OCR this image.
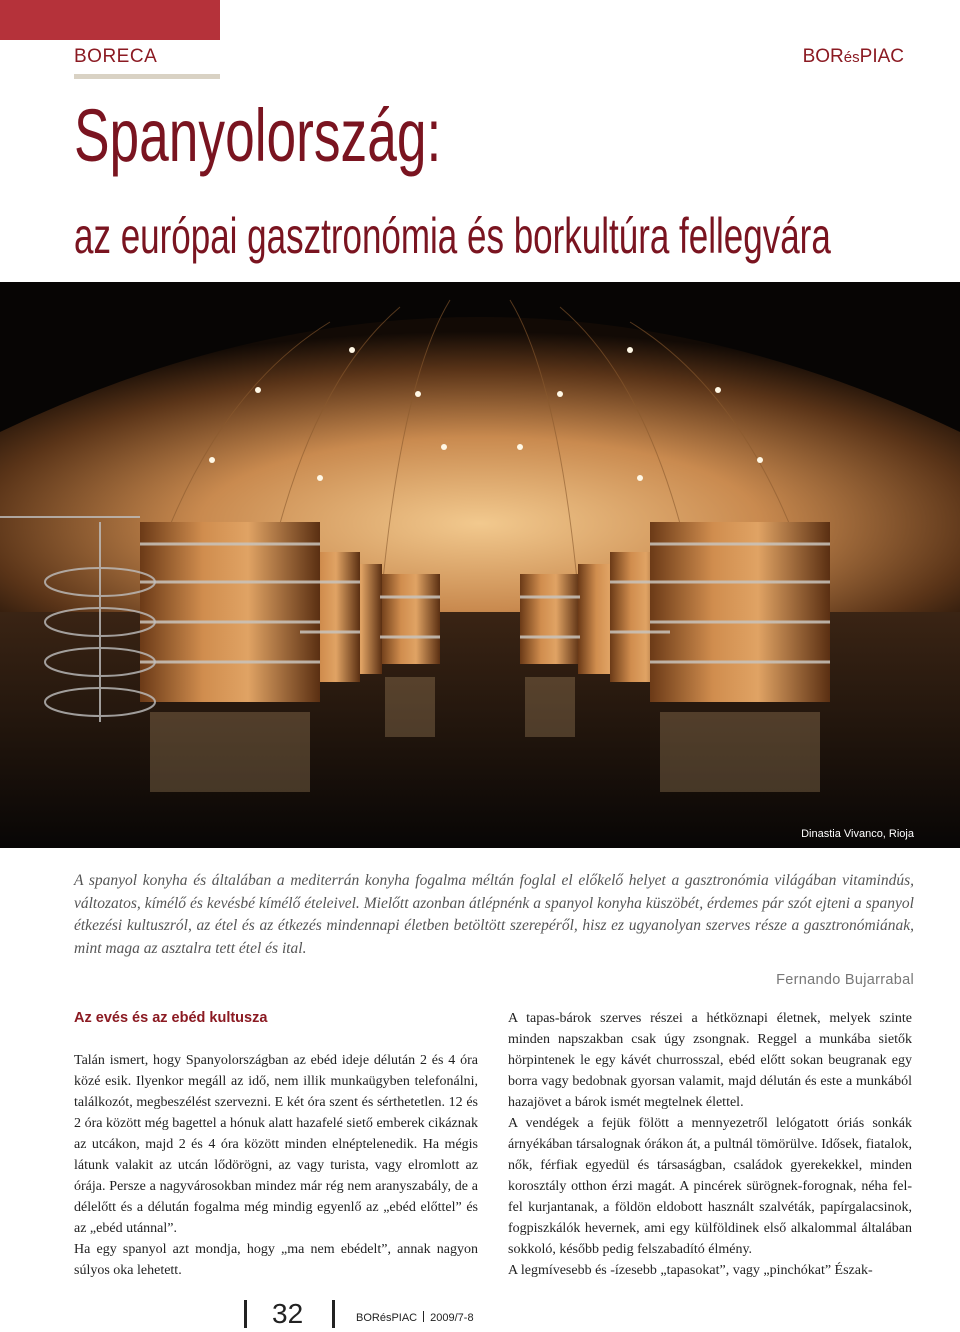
BORECA	BORésPIAC
Spanyolország:
az európai gasztronómia és borkultúra fellegvára
Dinastia Vivanco, Rioja

A spanyol konyha és általában a mediterrán konyha fogalma méltán foglal el előkelő helyet a gasztronómia világában vitamindús, változatos, kímélő és kevésbé kímélő ételeivel. Mielőtt azonban átlépnénk a spanyol konyha küszöbét, érdemes pár szót ejteni a spanyol étkezési kultuszról, az étel és az étkezés mindennapi életben betöltött szerepéről, hisz ez ugyanolyan szerves része a gasztronómiának, mint maga az asztalra tett étel és ital.

Fernando Bujarrabal
Az evés és az ebéd kultusza

Talán ismert, hogy Spanyolországban az ebéd ideje délután 2 és 4 óra közé esik. Ilyenkor megáll az idő, nem illik munkaügyben telefonálni, találkozót, megbeszélést szervezni. E két óra szent és sérthetetlen. 12 és 2 óra között még bagettel a hónuk alatt hazafelé siető emberek cikáznak az utcákon, majd 2 és 4 óra között minden elnéptelenedik. Ha mégis látunk valakit az utcán lődörögni, az vagy turista, vagy elromlott az órája. Persze a nagyvárosokban mindez már rég nem aranyszabály, de a délelőtt és a délután fogalma még mindig egyenlő az „ebéd előttel” és az „ebéd utánnal”.

Ha egy spanyol azt mondja, hogy „ma nem ebédelt”, annak nagyon súlyos oka lehetett.

A tapas-bárok szerves részei a hétköznapi életnek, melyek szinte minden napszakban csak úgy zsongnak. Reggel a munkába sietők hörpintenek le egy kávét churrosszal, ebéd előtt sokan beugranak egy borra vagy bedobnak gyorsan valamit, majd délután és este a munkából hazajövet a bárok ismét megtelnek élettel.

A vendégek a fejük fölött a mennyezetről lelógatott óriás sonkák árnyékában társalognak órákon át, a pultnál tömörülve. Idősek, fiatalok, nők, férfiak egyedül és társaságban, családok gyerekekkel, minden korosztály otthon érzi magát. A pincérek sürögnek-forognak, néha fel-fel kurjantanak, a földön eldobott használt szalvéták, papírgalacsinok, fogpiszkálók hevernek, ami egy külföldinek első alkalommal általában sokkoló, később pedig felszabadító élmény.

A legmívesebb és -ízesebb „tapasokat”, vagy „pinchókat” Észak-

32	BORésPIAC 2009/7-8
